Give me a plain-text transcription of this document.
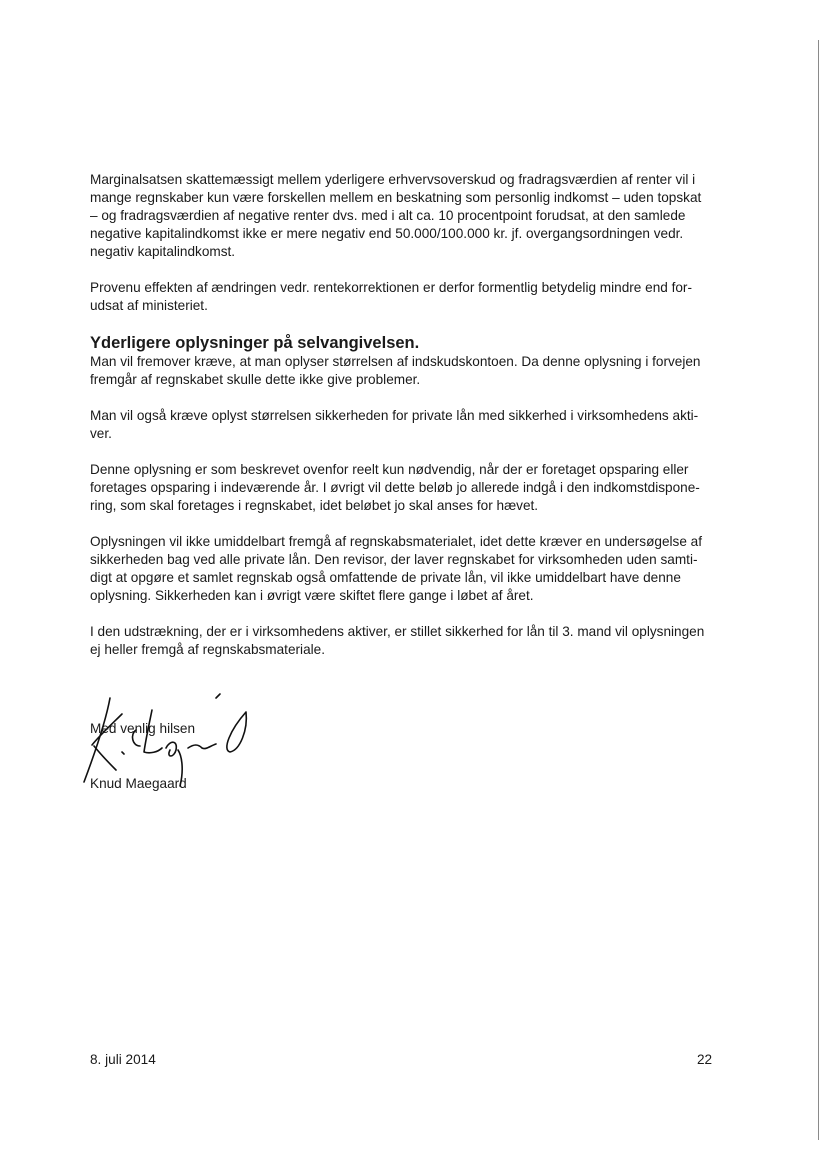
Marginalsatsen skattemæssigt mellem yderligere erhvervsoverskud og fradragsværdien af renter vil i
mange regnskaber kun være forskellen mellem en beskatning som personlig indkomst – uden topskat
– og fradragsværdien af negative renter dvs. med i alt ca. 10 procentpoint forudsat, at den samlede
negative kapitalindkomst ikke er mere negativ end 50.000/100.000 kr. jf. overgangsordningen vedr.
negativ kapitalindkomst.

Provenu effekten af ændringen vedr. rentekorrektionen er derfor formentlig betydelig mindre end for-
udsat af ministeriet.

Yderligere oplysninger på selvangivelsen.

Man vil fremover kræve, at man oplyser størrelsen af indskudskontoen. Da denne oplysning i forvejen
fremgår af regnskabet skulle dette ikke give problemer.

Man vil også kræve oplyst størrelsen sikkerheden for private lån med sikkerhed i virksomhedens akti-
ver.

Denne oplysning er som beskrevet ovenfor reelt kun nødvendig, når der er foretaget opsparing eller
foretages opsparing i indeværende år. I øvrigt vil dette beløb jo allerede indgå i den indkomstdispone-
ring, som skal foretages i regnskabet, idet beløbet jo skal anses for hævet.

Oplysningen vil ikke umiddelbart fremgå af regnskabsmaterialet, idet dette kræver en undersøgelse af
sikkerheden bag ved alle private lån. Den revisor, der laver regnskabet for virksomheden uden samti-
digt at opgøre et samlet regnskab også omfattende de private lån, vil ikke umiddelbart have denne
oplysning. Sikkerheden kan i øvrigt være skiftet flere gange i løbet af året.

I den udstrækning, der er i virksomhedens aktiver, er stillet sikkerhed for lån til 3. mand vil oplysningen
ej heller fremgå af regnskabsmateriale.

Med venlig hilsen
Knud Maegaard
8. juli 2014	22
